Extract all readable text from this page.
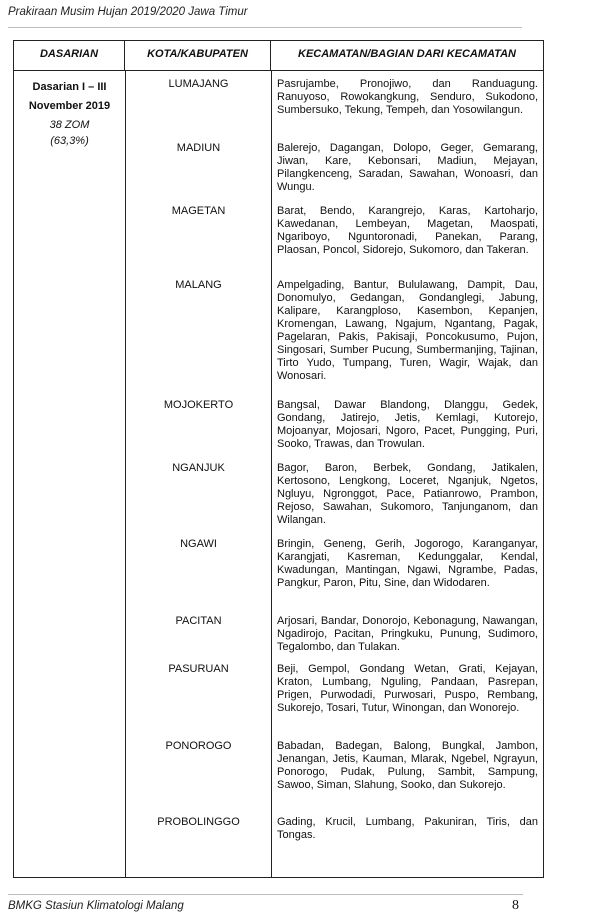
Prakiraan Musim Hujan 2019/2020 Jawa Timur
DASARIAN	KOTA/KABUPATEN	KECAMATAN/BAGIAN DARI KECAMATAN
Dasarian I – III
November 2019
38 ZOM
(63,3%)
LUMAJANG	Pasrujambe, Pronojiwo, dan Randuagung. Ranuyoso, Rowokangkung, Senduro, Sukodono, Sumbersuko, Tekung, Tempeh, dan Yosowilangun.
MADIUN	Balerejo, Dagangan, Dolopo, Geger, Gemarang, Jiwan, Kare, Kebonsari, Madiun, Mejayan, Pilangkenceng, Saradan, Sawahan, Wonoasri, dan Wungu.
MAGETAN	Barat, Bendo, Karangrejo, Karas, Kartoharjo, Kawedanan, Lembeyan, Magetan, Maospati, Ngariboyo, Nguntoronadi, Panekan, Parang, Plaosan, Poncol, Sidorejo, Sukomoro, dan Takeran.
MALANG	Ampelgading, Bantur, Bululawang, Dampit, Dau, Donomulyo, Gedangan, Gondanglegi, Jabung, Kalipare, Karangploso, Kasembon, Kepanjen, Kromengan, Lawang, Ngajum, Ngantang, Pagak, Pagelaran, Pakis, Pakisaji, Poncokusumo, Pujon, Singosari, Sumber Pucung, Sumbermanjing, Tajinan, Tirto Yudo, Tumpang, Turen, Wagir, Wajak, dan Wonosari.
MOJOKERTO	Bangsal, Dawar Blandong, Dlanggu, Gedek, Gondang, Jatirejo, Jetis, Kemlagi, Kutorejo, Mojoanyar, Mojosari, Ngoro, Pacet, Pungging, Puri, Sooko, Trawas, dan Trowulan.
NGANJUK	Bagor, Baron, Berbek, Gondang, Jatikalen, Kertosono, Lengkong, Loceret, Nganjuk, Ngetos, Ngluyu, Ngronggot, Pace, Patianrowo, Prambon, Rejoso, Sawahan, Sukomoro, Tanjunganom, dan Wilangan.
NGAWI	Bringin, Geneng, Gerih, Jogorogo, Karanganyar, Karangjati, Kasreman, Kedunggalar, Kendal, Kwadungan, Mantingan, Ngawi, Ngrambe, Padas, Pangkur, Paron, Pitu, Sine, dan Widodaren.
PACITAN	Arjosari, Bandar, Donorojo, Kebonagung, Nawangan, Ngadirojo, Pacitan, Pringkuku, Punung, Sudimoro, Tegalombo, dan Tulakan.
PASURUAN	Beji, Gempol, Gondang Wetan, Grati, Kejayan, Kraton, Lumbang, Nguling, Pandaan, Pasrepan, Prigen, Purwodadi, Purwosari, Puspo, Rembang, Sukorejo, Tosari, Tutur, Winongan, dan Wonorejo.
PONOROGO	Babadan, Badegan, Balong, Bungkal, Jambon, Jenangan, Jetis, Kauman, Mlarak, Ngebel, Ngrayun, Ponorogo, Pudak, Pulung, Sambit, Sampung, Sawoo, Siman, Slahung, Sooko, dan Sukorejo.
PROBOLINGGO	Gading, Krucil, Lumbang, Pakuniran, Tiris, dan Tongas.
BMKG Stasiun Klimatologi Malang	8
